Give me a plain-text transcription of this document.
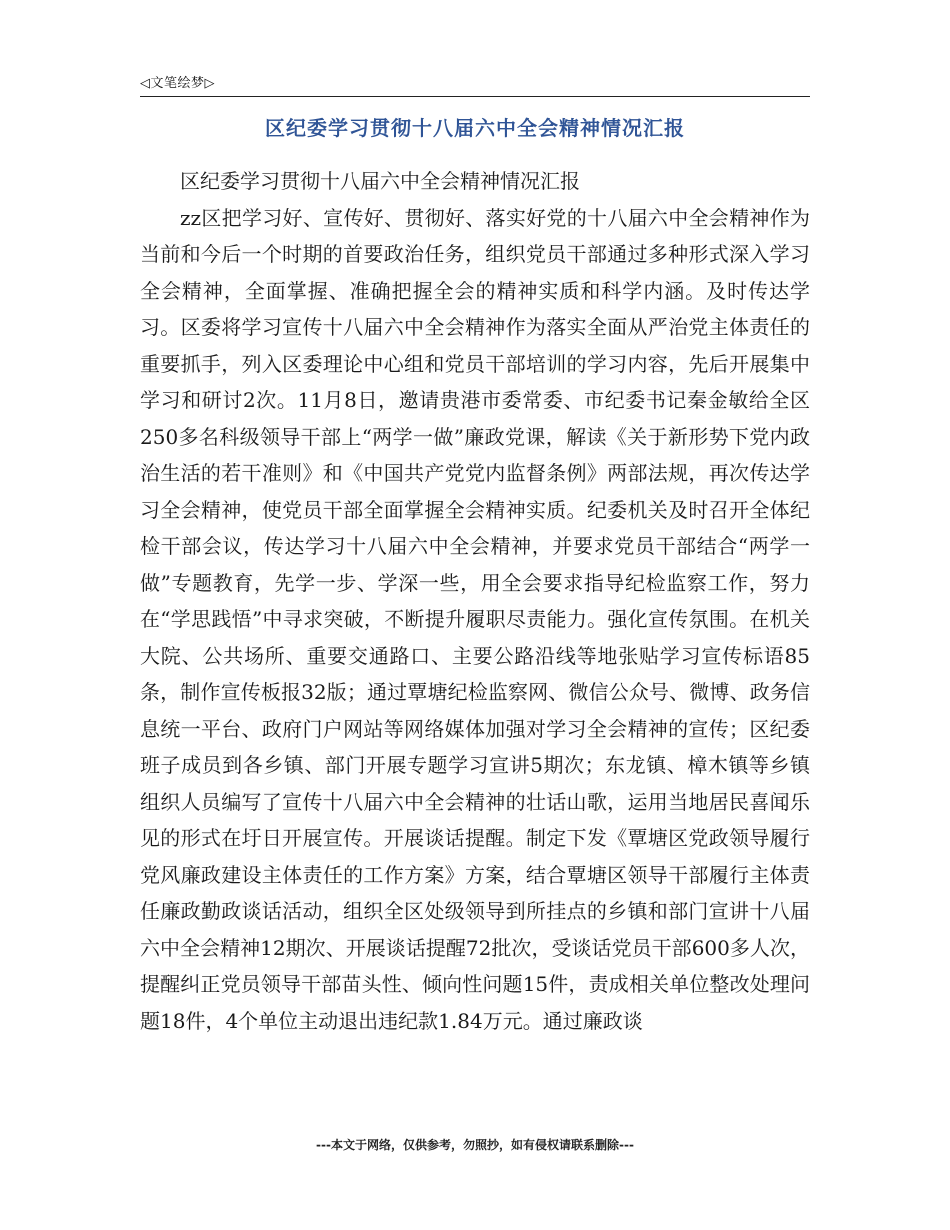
◁文笔绘梦▷
区纪委学习贯彻十八届六中全会精神情况汇报

区纪委学习贯彻十八届六中全会精神情况汇报

zz区把学习好、宣传好、贯彻好、落实好党的十八届六中全会精神作为当前和今后一个时期的首要政治任务，组织党员干部通过多种形式深入学习全会精神，全面掌握、准确把握全会的精神实质和科学内涵。及时传达学习。区委将学习宣传十八届六中全会精神作为落实全面从严治党主体责任的重要抓手，列入区委理论中心组和党员干部培训的学习内容，先后开展集中学习和研讨2次。11月8日，邀请贵港市委常委、市纪委书记秦金敏给全区250多名科级领导干部上“两学一做”廉政党课，解读《关于新形势下党内政治生活的若干准则》和《中国共产党党内监督条例》两部法规，再次传达学习全会精神，使党员干部全面掌握全会精神实质。纪委机关及时召开全体纪检干部会议，传达学习十八届六中全会精神，并要求党员干部结合“两学一做”专题教育，先学一步、学深一些，用全会要求指导纪检监察工作，努力在“学思践悟”中寻求突破，不断提升履职尽责能力。强化宣传氛围。在机关大院、公共场所、重要交通路口、主要公路沿线等地张贴学习宣传标语85条，制作宣传板报32版；通过覃塘纪检监察网、微信公众号、微博、政务信息统一平台、政府门户网站等网络媒体加强对学习全会精神的宣传；区纪委班子成员到各乡镇、部门开展专题学习宣讲5期次；东龙镇、樟木镇等乡镇组织人员编写了宣传十八届六中全会精神的壮话山歌，运用当地居民喜闻乐见的形式在圩日开展宣传。开展谈话提醒。制定下发《覃塘区党政领导履行党风廉政建设主体责任的工作方案》方案，结合覃塘区领导干部履行主体责任廉政勤政谈话活动，组织全区处级领导到所挂点的乡镇和部门宣讲十八届六中全会精神12期次、开展谈话提醒72批次，受谈话党员干部600多人次，提醒纠正党员领导干部苗头性、倾向性问题15件，责成相关单位整改处理问题18件，4个单位主动退出违纪款1.84万元。通过廉政谈

---本文于网络，仅供参考，勿照抄，如有侵权请联系删除---
